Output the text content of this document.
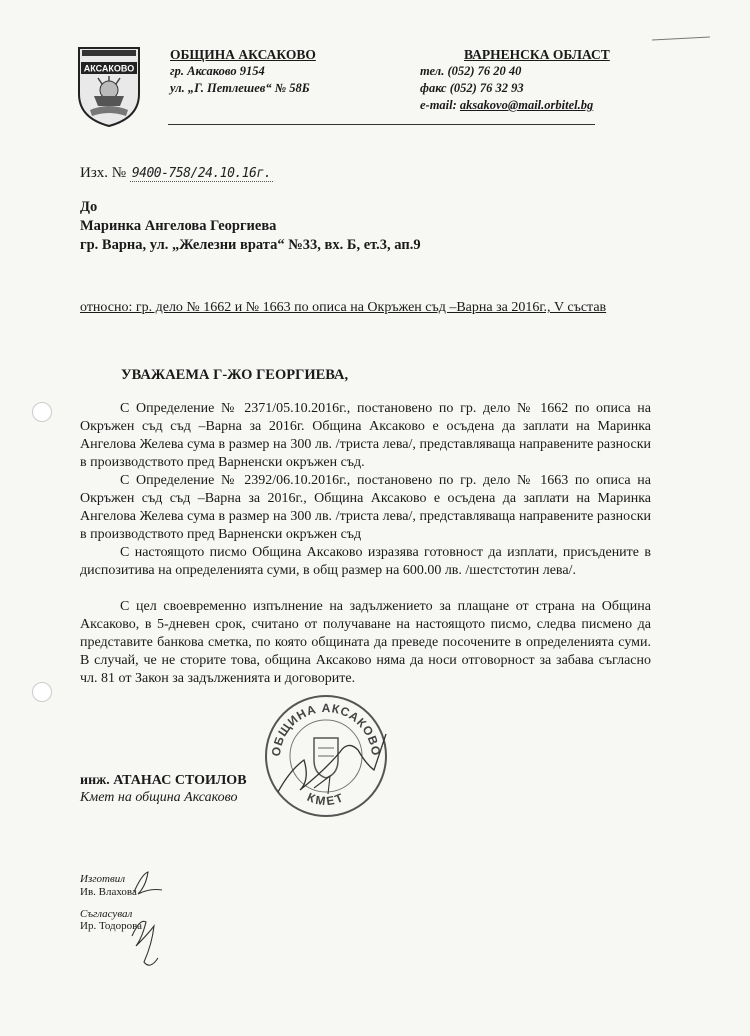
АКСАКОВО
ОБЩИНА АКСАКОВО
гр. Аксаково 9154
ул. „Г. Петлешев“ № 58Б
ВАРНЕНСКА ОБЛАСТ
тел. (052) 76 20 40
факс (052) 76 32 93
e-mail: aksakovo@mail.orbitel.bg
Изх. № 9400-758/24.10.16г.
До
Маринка Ангелова Георгиева
гр. Варна, ул. „Железни врата“ №33, вх. Б, ет.3, ап.9
относно: гр. дело № 1662 и № 1663 по описа на Окръжен съд –Варна за 2016г., V състав
УВАЖАЕМА Г-ЖО ГЕОРГИЕВА,

С Определение № 2371/05.10.2016г., постановено по гр. дело № 1662 по описа на Окръжен съд съд –Варна за 2016г. Община Аксаково е осъдена да заплати на Маринка Ангелова Желева сума в размер на 300 лв. /триста лева/, представляваща направените разноски в производството пред Варненски окръжен съд.

С Определение № 2392/06.10.2016г., постановено по гр. дело № 1663 по описа на Окръжен съд съд –Варна за 2016г., Община Аксаково е осъдена да заплати на Маринка Ангелова Желева сума в размер на 300 лв. /триста лева/, представляваща направените разноски в производството пред Варненски окръжен съд

С настоящото писмо Община Аксаково изразява готовност да изплати, присъдените в диспозитива на определенията суми, в общ размер на 600.00 лв. /шестстотин лева/.

С цел своевременно изпълнение на задължението за плащане от страна на Община Аксаково, в 5-дневен срок, считано от получаване на настоящото писмо, следва писмено да представите банкова сметка, по която общината да преведе посочените в определенията суми. В случай, че не сторите това, община Аксаково няма да носи отговорност за забава съгласно чл. 81 от Закон за задълженията и договорите.

ОБЩИНА АКСАКОВО
КМЕТ
инж. АТАНАС СТОИЛОВ
Кмет на община Аксаково
Изготвил
Ив. Влахова
Съгласувал
Ир. Тодорова
